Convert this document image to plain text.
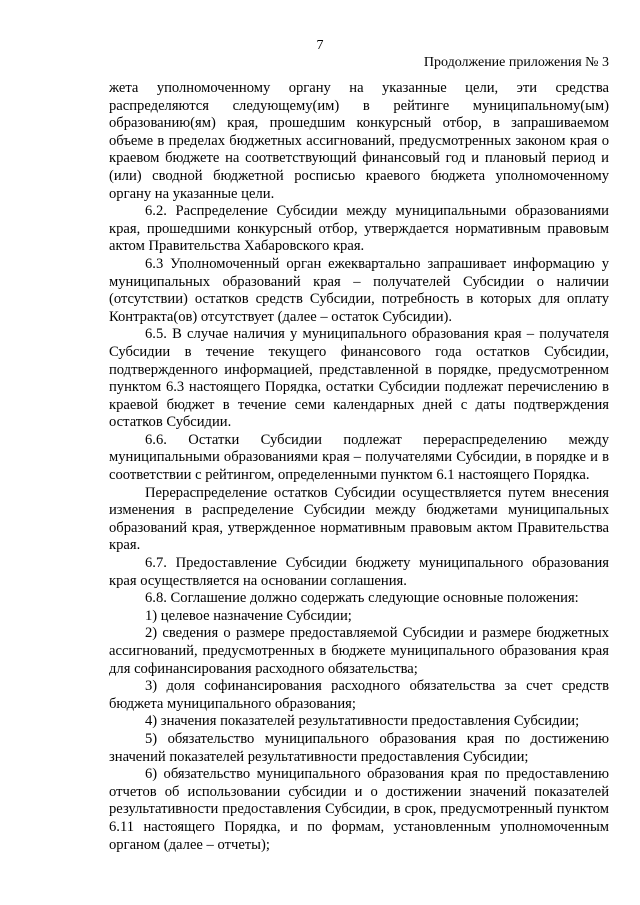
7
Продолжение приложения № 3

жета уполномоченному органу на указанные цели, эти средства распределяются следующему(им) в рейтинге муниципальному(ым) образованию(ям) края, прошедшим конкурсный отбор, в запрашиваемом объеме в пределах бюджетных ассигнований, предусмотренных законом края о краевом бюджете на соответствующий финансовый год и плановый период и (или) сводной бюджетной росписью краевого бюджета уполномоченному органу на указанные цели.

6.2. Распределение Субсидии между муниципальными образованиями края, прошедшими конкурсный отбор, утверждается нормативным правовым актом Правительства Хабаровского края.

6.3 Уполномоченный орган ежеквартально запрашивает информацию у муниципальных образований края – получателей Субсидии о наличии (отсутствии) остатков средств Субсидии, потребность в которых для оплату Контракта(ов) отсутствует (далее – остаток Субсидии).

6.5. В случае наличия у муниципального образования края – получателя Субсидии в течение текущего финансового года остатков Субсидии, подтвержденного информацией, представленной в порядке, предусмотренном пунктом 6.3 настоящего Порядка, остатки Субсидии подлежат перечислению в краевой бюджет в течение семи календарных дней с даты подтверждения остатков Субсидии.

6.6. Остатки Субсидии подлежат перераспределению между муниципальными образованиями края – получателями Субсидии, в порядке и в соответствии с рейтингом, определенными пунктом 6.1 настоящего Порядка.

Перераспределение остатков Субсидии осуществляется путем внесения изменения в распределение Субсидии между бюджетами муниципальных образований края, утвержденное нормативным правовым актом Правительства края.

6.7. Предоставление Субсидии бюджету муниципального образования края осуществляется на основании соглашения.

6.8. Соглашение должно содержать следующие основные положения:

1) целевое назначение Субсидии;

2) сведения о размере предоставляемой Субсидии и размере бюджетных ассигнований, предусмотренных в бюджете муниципального образования края для софинансирования расходного обязательства;

3) доля софинансирования расходного обязательства за счет средств бюджета муниципального образования;

4) значения показателей результативности предоставления Субсидии;

5) обязательство муниципального образования края по достижению значений показателей результативности предоставления Субсидии;

6) обязательство муниципального образования края по предоставлению отчетов об использовании субсидии и о достижении значений показателей результативности предоставления Субсидии, в срок, предусмотренный пунктом 6.11 настоящего Порядка, и по формам, установленным уполномоченным органом (далее – отчеты);
